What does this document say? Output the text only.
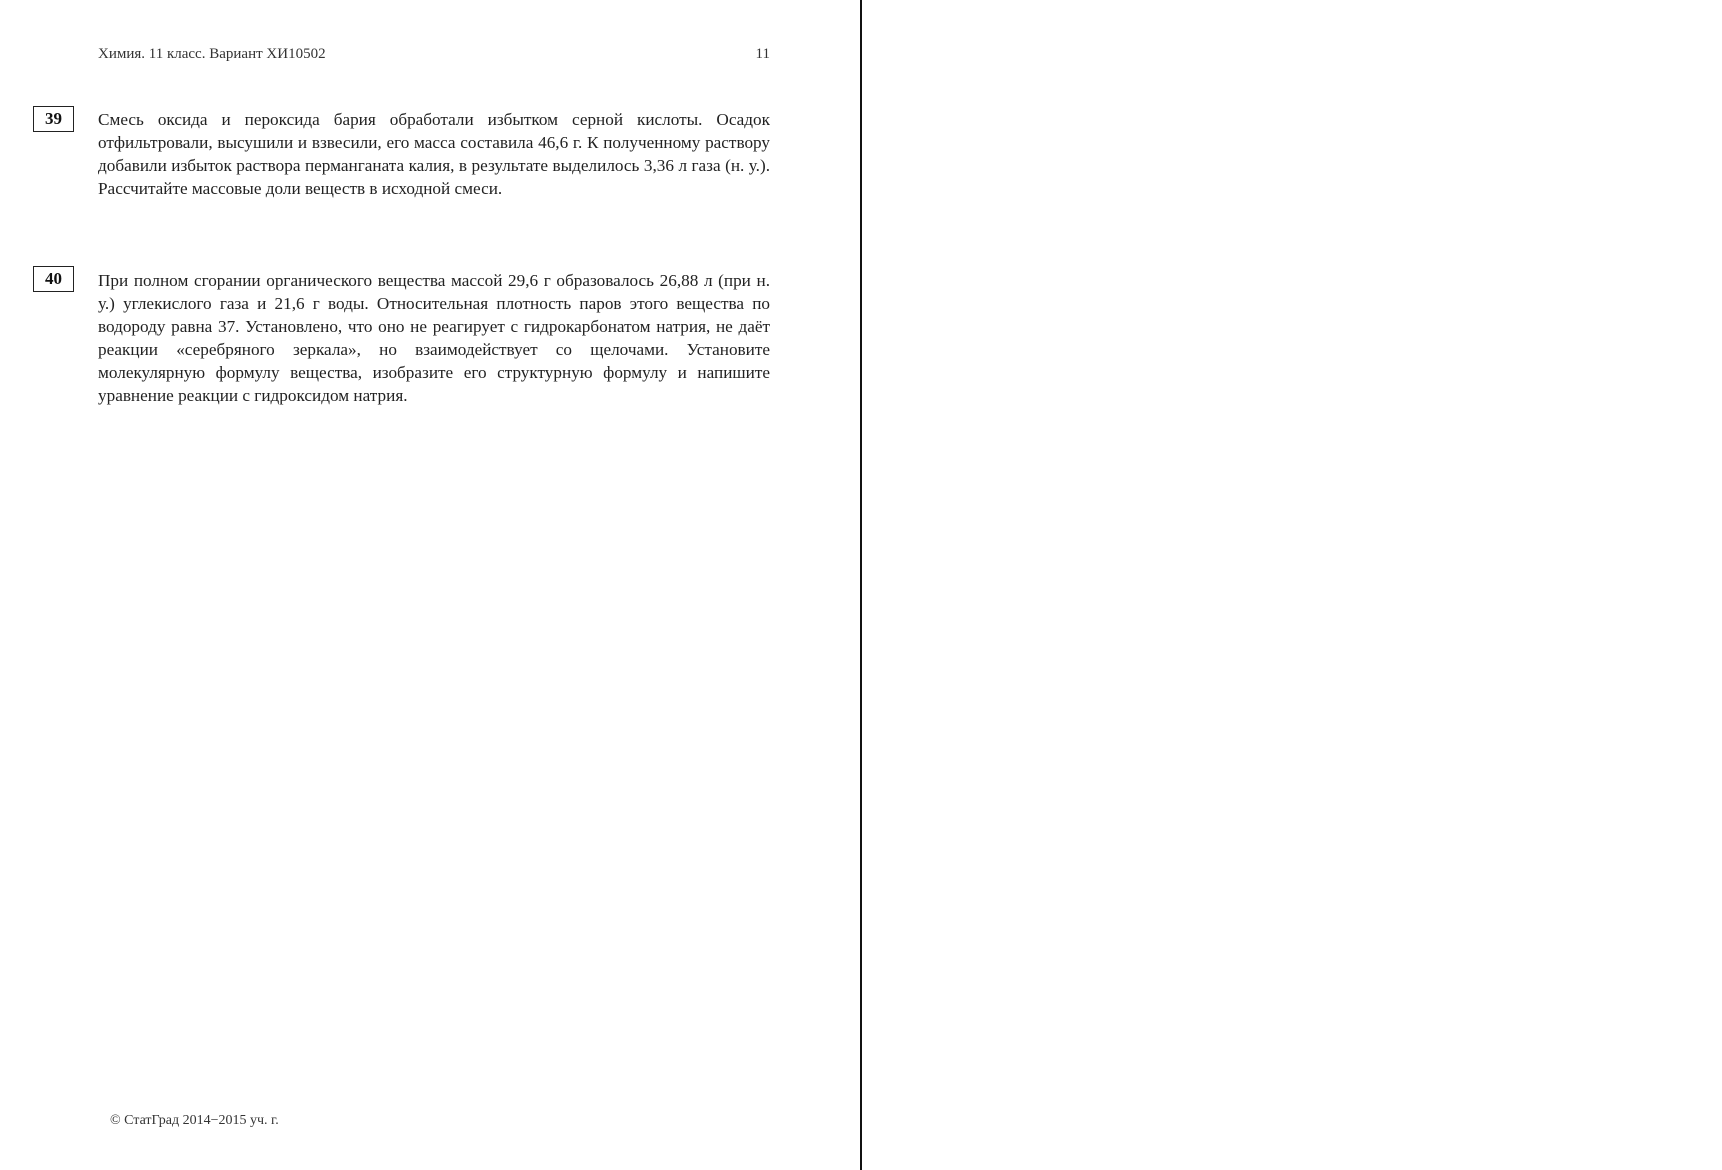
Химия. 11 класс. Вариант ХИ10502	11
39	Смесь оксида и пероксида бария обработали избытком серной кислоты. Осадок отфильтровали, высушили и взвесили, его масса составила 46,6 г. К полученному раствору добавили избыток раствора перманганата калия, в результате выделилось 3,36 л газа (н. у.). Рассчитайте массовые доли веществ в исходной смеси.
40	При полном сгорании органического вещества массой 29,6 г образовалось 26,88 л (при н. у.) углекислого газа и 21,6 г воды. Относительная плотность паров этого вещества по водороду равна 37. Установлено, что оно не реагирует с гидрокарбонатом натрия, не даёт реакции «серебряного зеркала», но взаимодействует со щелочами. Установите молекулярную формулу вещества, изобразите его структурную формулу и напишите уравнение реакции с гидроксидом натрия.
© СтатГрад 2014−2015 уч. г.
